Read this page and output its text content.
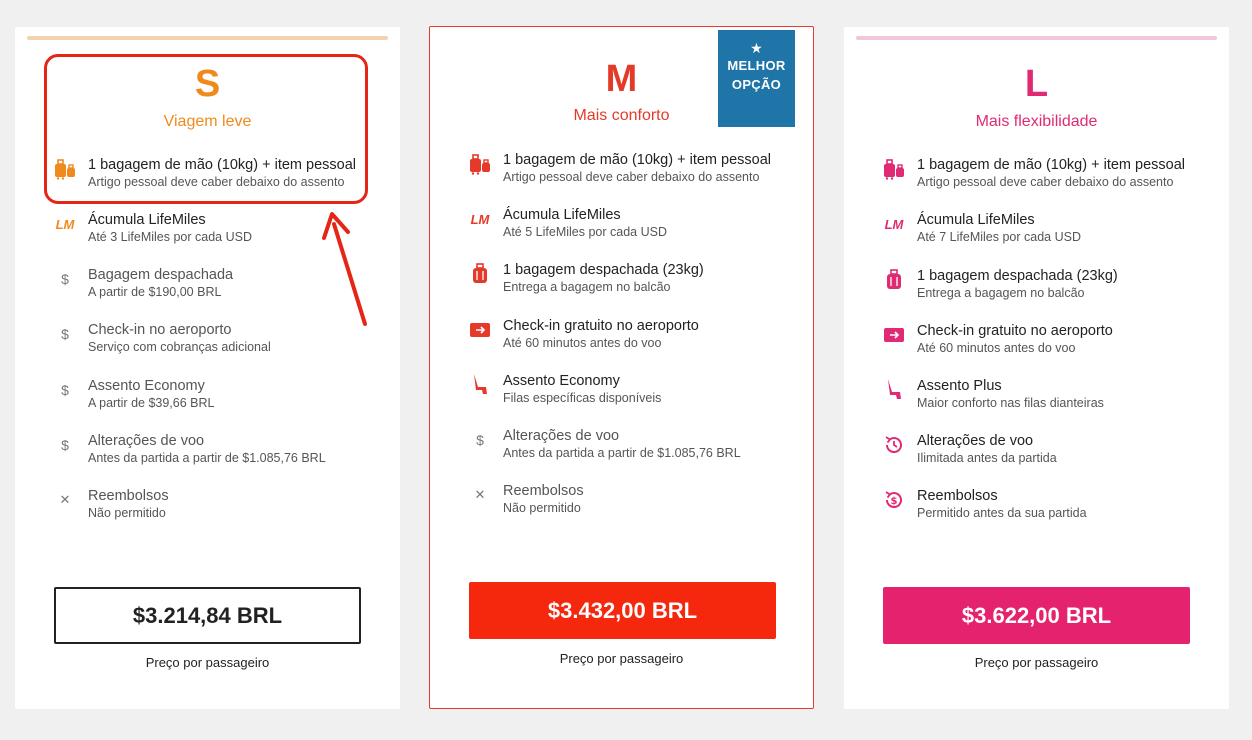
S
Viagem leve
1 bagagem de mão (10kg) + item pessoal
Artigo pessoal deve caber debaixo do assento
LM Ácumula LifeMiles
Até 3 LifeMiles por cada USD
$	Bagagem despachada
A partir de $190,00 BRL
$	Check-in no aeroporto
Serviço com cobranças adicional
$	Assento Economy
A partir de $39,66 BRL
$	Alterações de voo
Antes da partida a partir de $1.085,76 BRL
✕	Reembolsos
Não permitido
$3.214,84 BRL
Preço por passageiro
M
Mais conforto
★
MELHOR OPÇÃO
1 bagagem de mão (10kg) + item pessoal
Artigo pessoal deve caber debaixo do assento
LM Ácumula LifeMiles
Até 5 LifeMiles por cada USD
1 bagagem despachada (23kg)
Entrega a bagagem no balcão
Check-in gratuito no aeroporto
Até 60 minutos antes do voo
Assento Economy
Filas específicas disponíveis
$	Alterações de voo
Antes da partida a partir de $1.085,76 BRL
✕	Reembolsos
Não permitido
$3.432,00 BRL
Preço por passageiro
L
Mais flexibilidade
1 bagagem de mão (10kg) + item pessoal
Artigo pessoal deve caber debaixo do assento
LM Ácumula LifeMiles
Até 7 LifeMiles por cada USD
1 bagagem despachada (23kg)
Entrega a bagagem no balcão
Check-in gratuito no aeroporto
Até 60 minutos antes do voo
Assento Plus
Maior conforto nas filas dianteiras
Alterações de voo
Ilimitada antes da partida
$ Reembolsos
Permitido antes da sua partida
$3.622,00 BRL
Preço por passageiro
